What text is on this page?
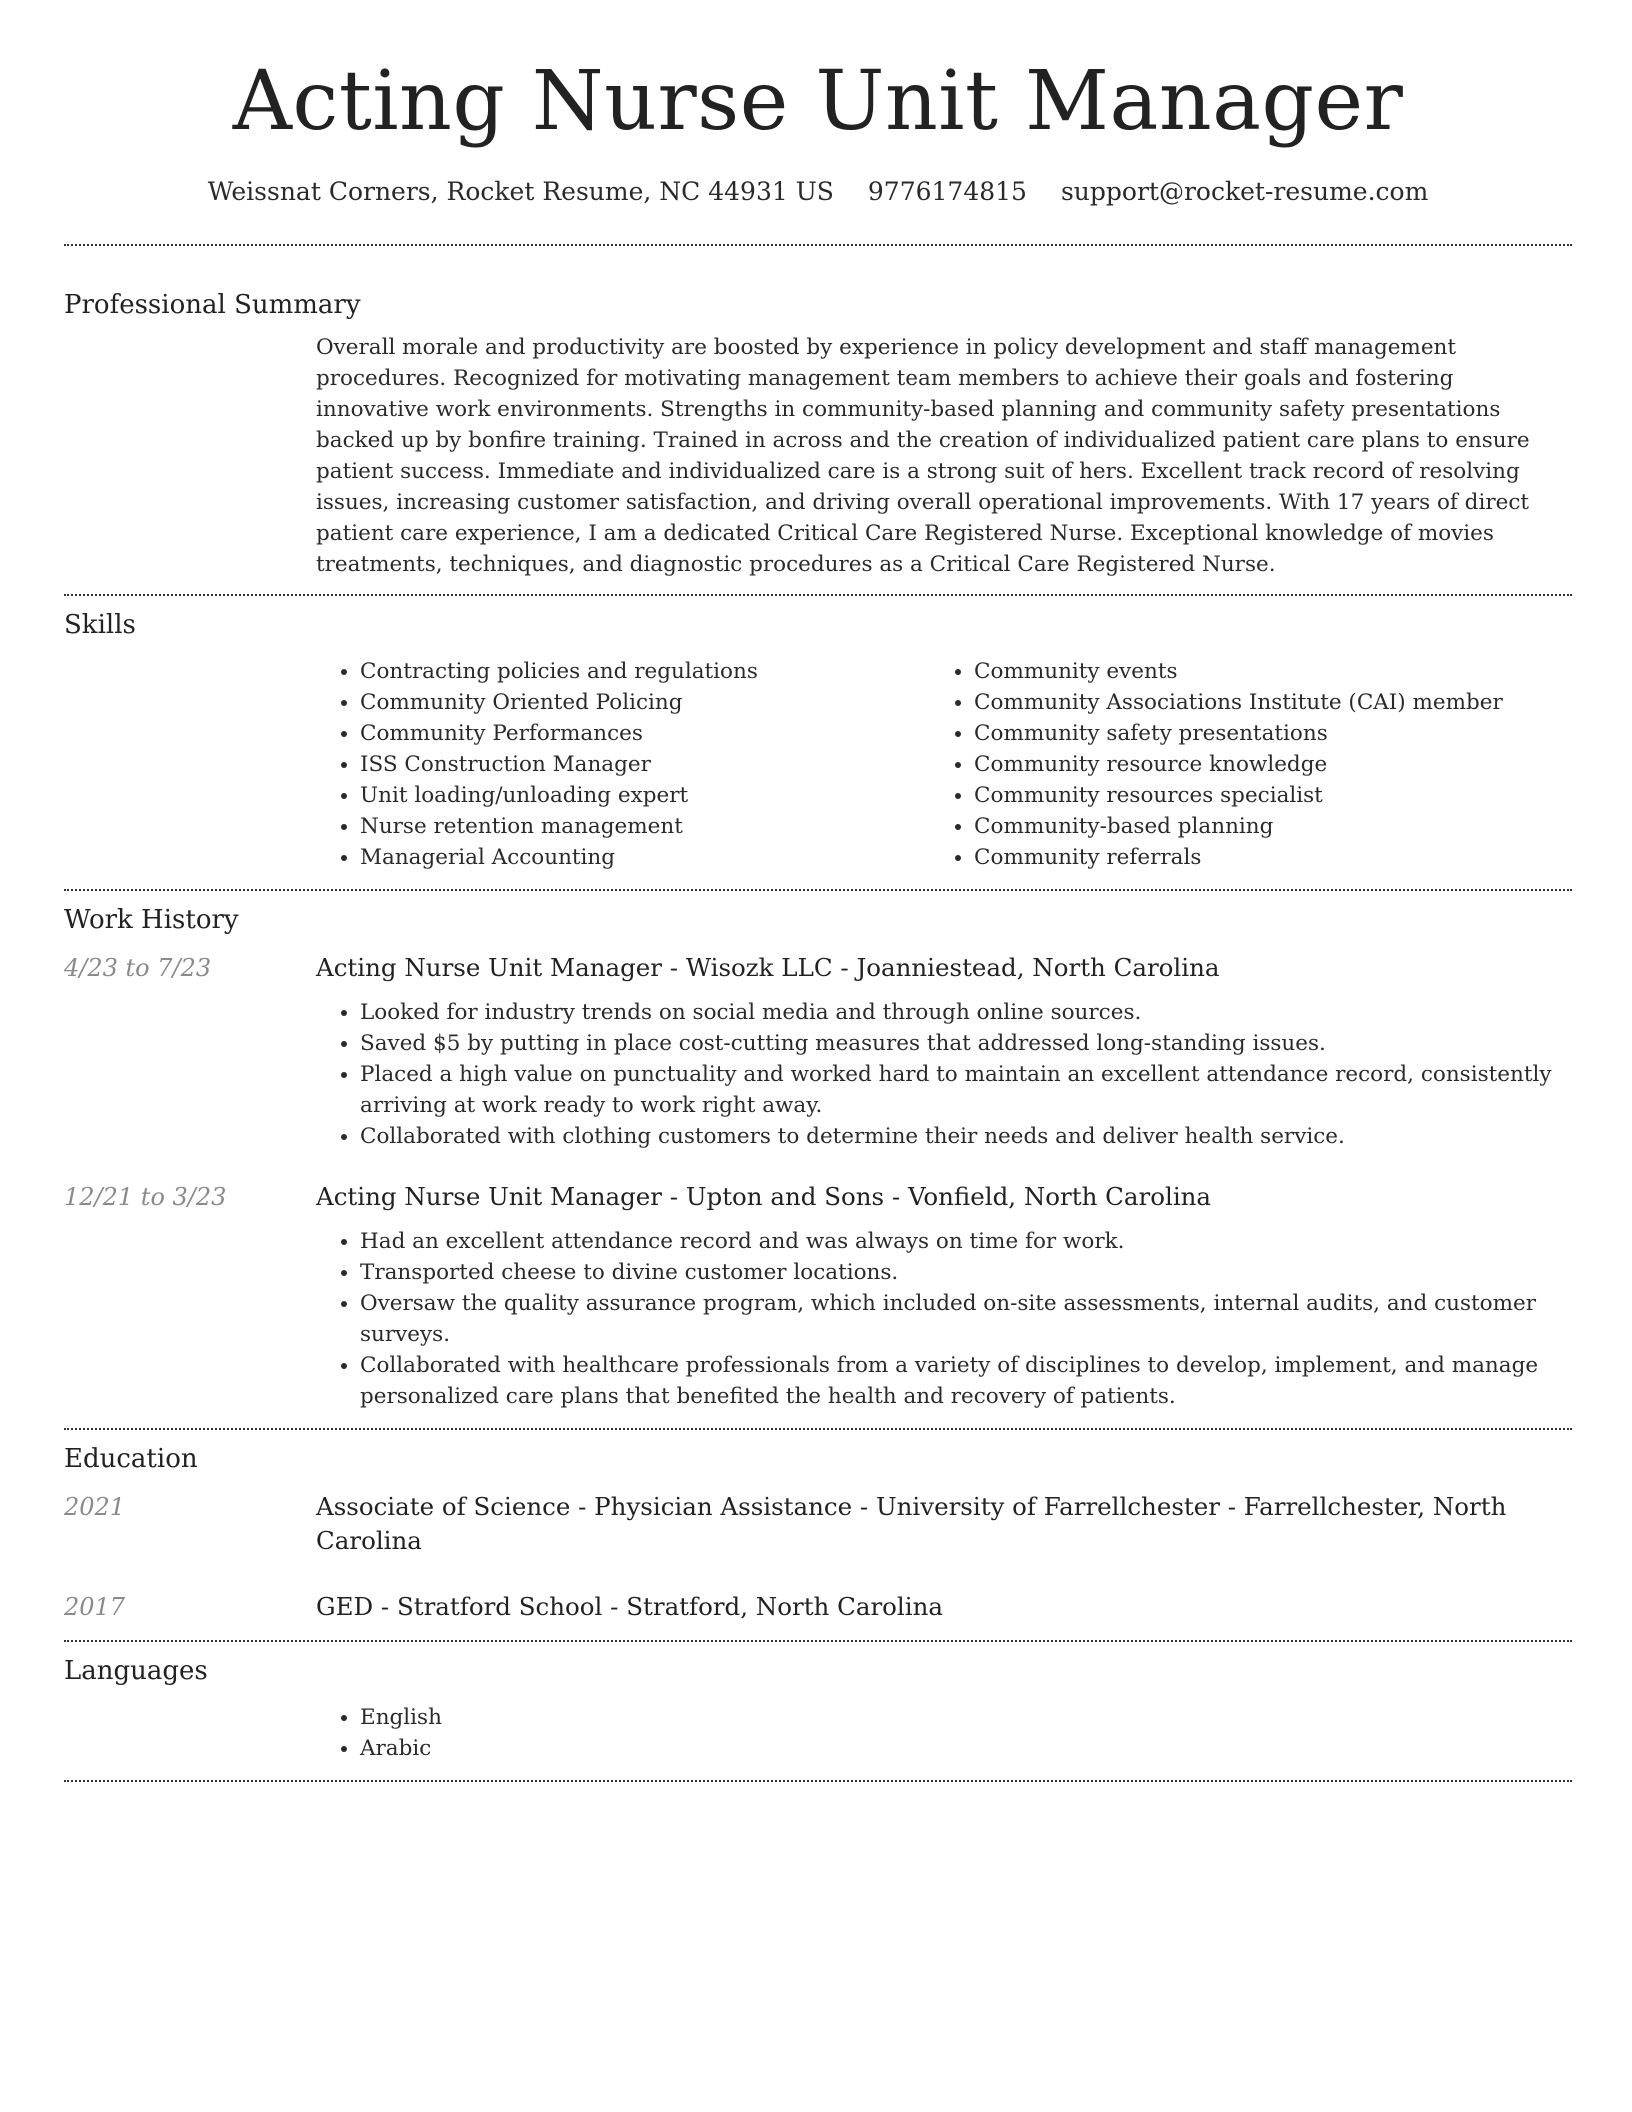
Acting Nurse Unit Manager
Weissnat Corners, Rocket Resume, NC 44931 US 9776174815 support@rocket-resume.com
Professional Summary
Overall morale and productivity are boosted by experience in policy development and staff management procedures. Recognized for motivating management team members to achieve their goals and fostering innovative work environments. Strengths in community-based planning and community safety presentations backed up by bonfire training. Trained in across and the creation of individualized patient care plans to ensure patient success. Immediate and individualized care is a strong suit of hers. Excellent track record of resolving issues, increasing customer satisfaction, and driving overall operational improvements. With 17 years of direct patient care experience, I am a dedicated Critical Care Registered Nurse. Exceptional knowledge of movies treatments, techniques, and diagnostic procedures as a Critical Care Registered Nurse.
Skills
• Contracting policies and regulations
• Community Oriented Policing
• Community Performances
• ISS Construction Manager
• Unit loading/unloading expert
• Nurse retention management
• Managerial Accounting
• Community events
• Community Associations Institute (CAI) member
• Community safety presentations
• Community resource knowledge
• Community resources specialist
• Community-based planning
• Community referrals
Work History
4/23 to 7/23	Acting Nurse Unit Manager - Wisozk LLC - Joanniestead, North Carolina
• Looked for industry trends on social media and through online sources.
• Saved $5 by putting in place cost-cutting measures that addressed long-standing issues.
• Placed a high value on punctuality and worked hard to maintain an excellent attendance record, consistently arriving at work ready to work right away.
• Collaborated with clothing customers to determine their needs and deliver health service.
12/21 to 3/23	Acting Nurse Unit Manager - Upton and Sons - Vonfield, North Carolina
• Had an excellent attendance record and was always on time for work.
• Transported cheese to divine customer locations.
• Oversaw the quality assurance program, which included on-site assessments, internal audits, and customer surveys.
• Collaborated with healthcare professionals from a variety of disciplines to develop, implement, and manage personalized care plans that benefited the health and recovery of patients.
Education
2021	Associate of Science - Physician Assistance - University of Farrellchester - Farrellchester, North Carolina
2017	GED - Stratford School - Stratford, North Carolina
Languages
• English
• Arabic
